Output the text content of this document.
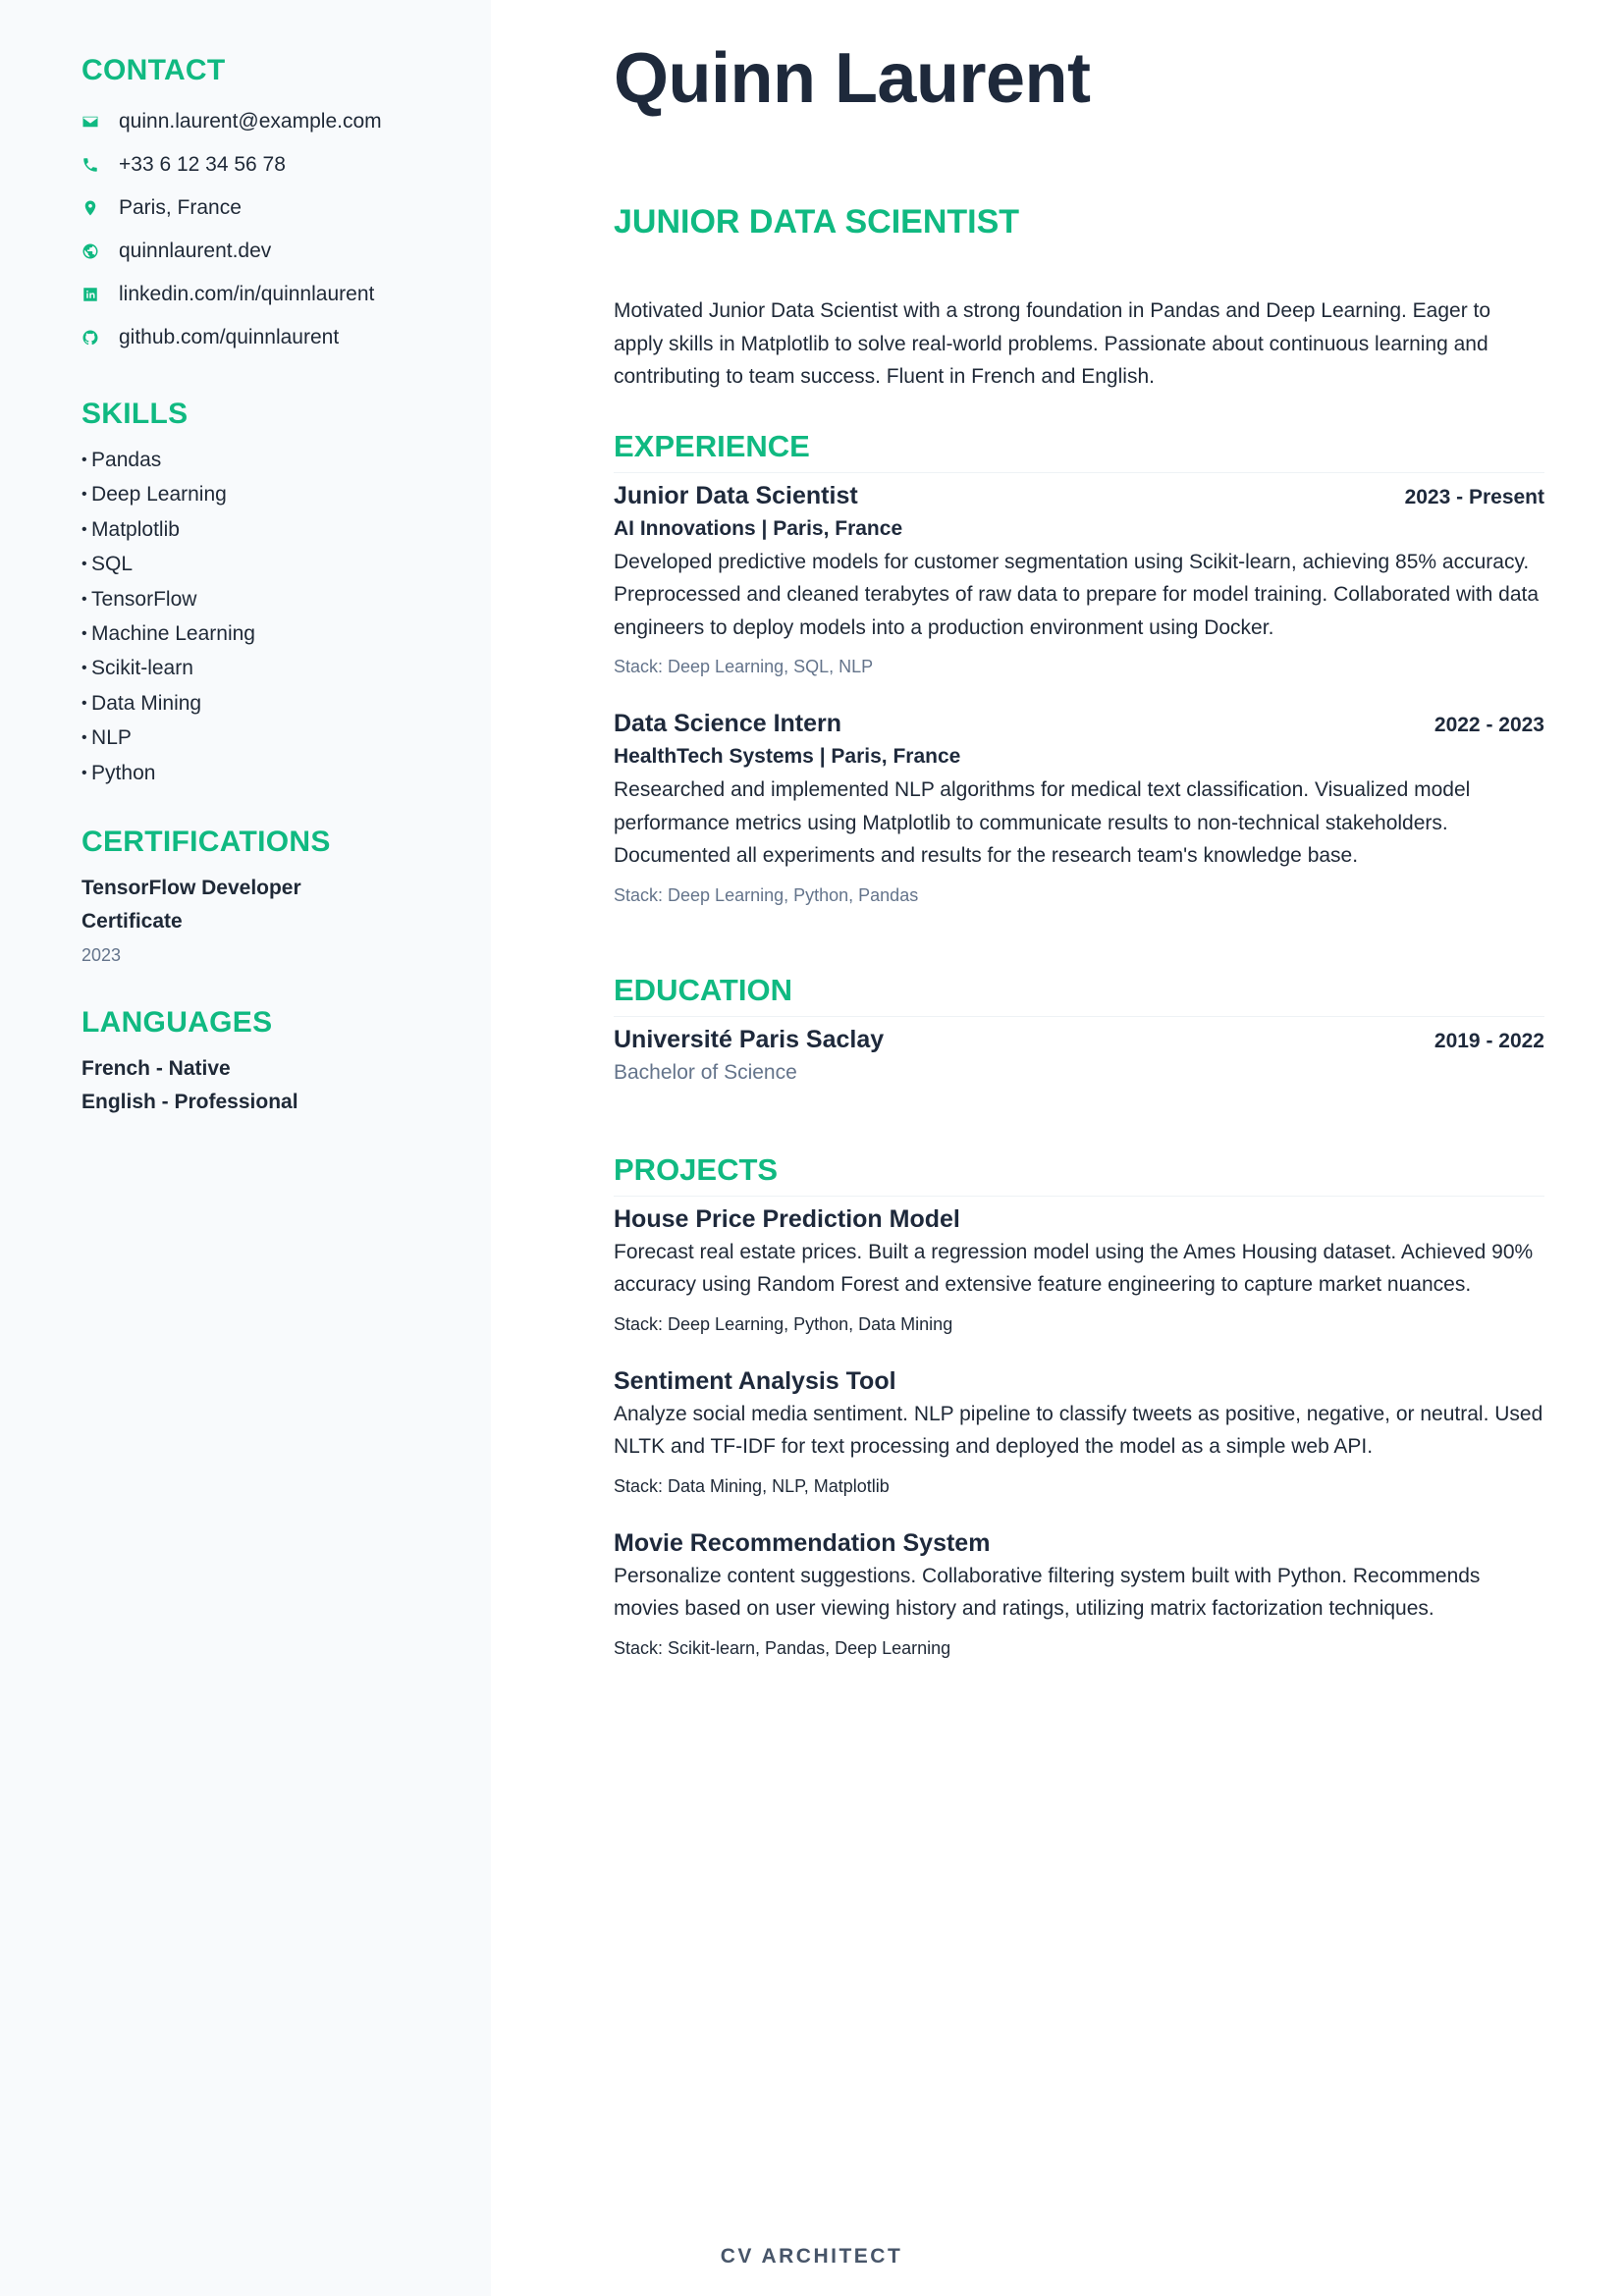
CONTACT
quinn.laurent@example.com
+33 6 12 34 56 78
Paris, France
quinnlaurent.dev
linkedin.com/in/quinnlaurent
github.com/quinnlaurent
SKILLS
• Pandas
• Deep Learning
• Matplotlib
• SQL
• TensorFlow
• Machine Learning
• Scikit-learn
• Data Mining
• NLP
• Python
CERTIFICATIONS
TensorFlow Developer Certificate
2023
LANGUAGES
French - Native
English - Professional
Quinn Laurent
JUNIOR DATA SCIENTIST

Motivated Junior Data Scientist with a strong foundation in Pandas and Deep Learning. Eager to apply skills in Matplotlib to solve real-world problems. Passionate about continuous learning and contributing to team success. Fluent in French and English.

EXPERIENCE
Junior Data Scientist	2023 - Present
AI Innovations | Paris, France

Developed predictive models for customer segmentation using Scikit-learn, achieving 85% accuracy. Preprocessed and cleaned terabytes of raw data to prepare for model training. Collaborated with data engineers to deploy models into a production environment using Docker.

Stack: Deep Learning, SQL, NLP
Data Science Intern	2022 - 2023
HealthTech Systems | Paris, France

Researched and implemented NLP algorithms for medical text classification. Visualized model performance metrics using Matplotlib to communicate results to non-technical stakeholders. Documented all experiments and results for the research team's knowledge base.

Stack: Deep Learning, Python, Pandas
EDUCATION
Université Paris Saclay	2019 - 2022
Bachelor of Science
PROJECTS
House Price Prediction Model

Forecast real estate prices. Built a regression model using the Ames Housing dataset. Achieved 90% accuracy using Random Forest and extensive feature engineering to capture market nuances.

Stack: Deep Learning, Python, Data Mining
Sentiment Analysis Tool

Analyze social media sentiment. NLP pipeline to classify tweets as positive, negative, or neutral. Used NLTK and TF-IDF for text processing and deployed the model as a simple web API.

Stack: Data Mining, NLP, Matplotlib
Movie Recommendation System

Personalize content suggestions. Collaborative filtering system built with Python. Recommends movies based on user viewing history and ratings, utilizing matrix factorization techniques.

Stack: Scikit-learn, Pandas, Deep Learning
CV ARCHITECT
